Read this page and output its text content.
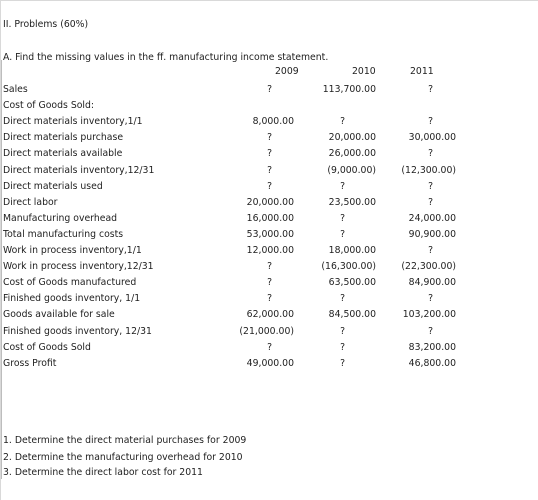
II. Problems (60%)
A. Find the missing values in the ff. manufacturing income statement.
2009	2010	2011
Sales	?	113,700.00	?
Cost of Goods Sold:
Direct materials inventory,1/1	8,000.00	?	?
Direct materials purchase	?	20,000.00	30,000.00
Direct materials available	?	26,000.00	?
Direct materials inventory,12/31	?	(9,000.00)	(12,300.00)
Direct materials used	?	?	?
Direct labor	20,000.00	23,500.00	?
Manufacturing overhead	16,000.00	?	24,000.00
Total manufacturing costs	53,000.00	?	90,900.00
Work in process inventory,1/1	12,000.00	18,000.00	?
Work in process inventory,12/31	?	(16,300.00)	(22,300.00)
Cost of Goods manufactured	?	63,500.00	84,900.00
Finished goods inventory, 1/1	?	?	?
Goods available for sale	62,000.00	84,500.00	103,200.00
Finished goods inventory, 12/31	(21,000.00)	?	?
Cost of Goods Sold	?	?	83,200.00
Gross Profit	49,000.00	?	46,800.00
1. Determine the direct material purchases for 2009
2. Determine the manufacturing overhead for 2010
3. Determine the direct labor cost for 2011
